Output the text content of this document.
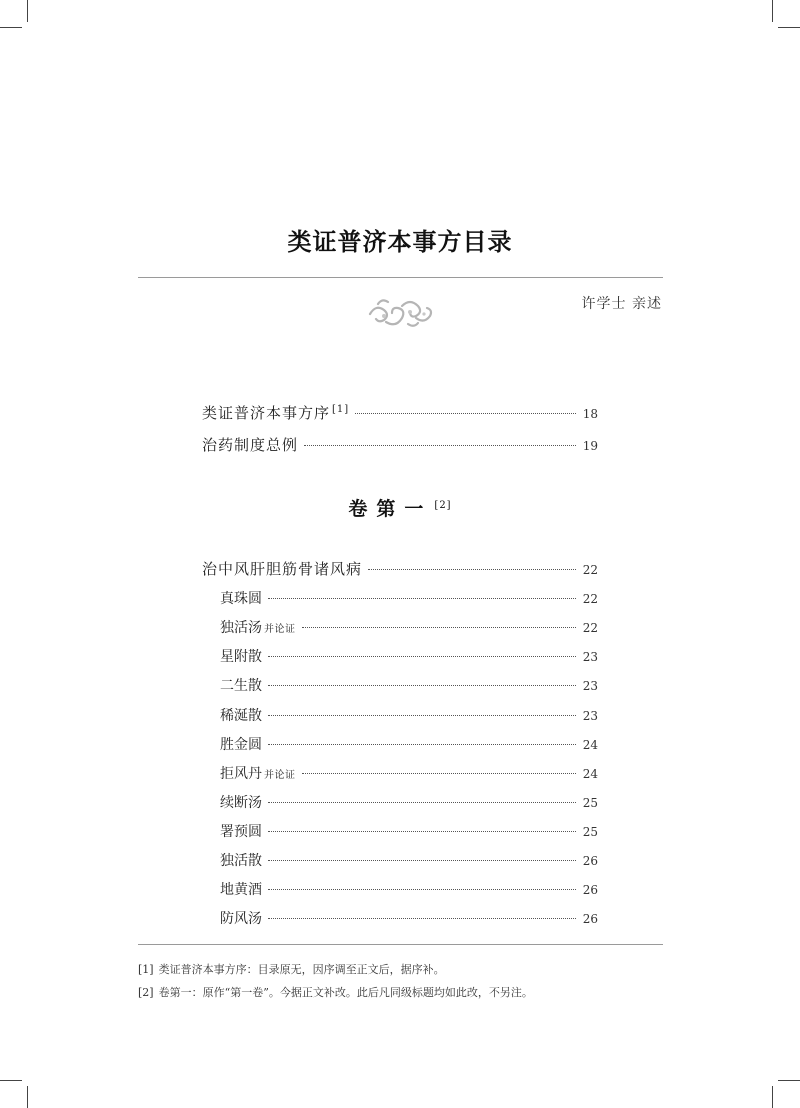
类证普济本事方目录
许学士 亲述
类证普济本事方序 [1]	18
治药制度总例	19
卷第一 [2]
治中风肝胆筋骨诸风病	22
真珠圆	22
独活汤 并论证	22
星附散	23
二生散	23
稀涎散	23
胜金圆	24
拒风丹 并论证	24
续断汤	25
署预圆	25
独活散	26
地黄酒	26
防风汤	26
[1] 类证普济本事方序：目录原无，因序调至正文后，据序补。
[2] 卷第一：原作“第一卷”。今据正文补改。此后凡同级标题均如此改，不另注。
